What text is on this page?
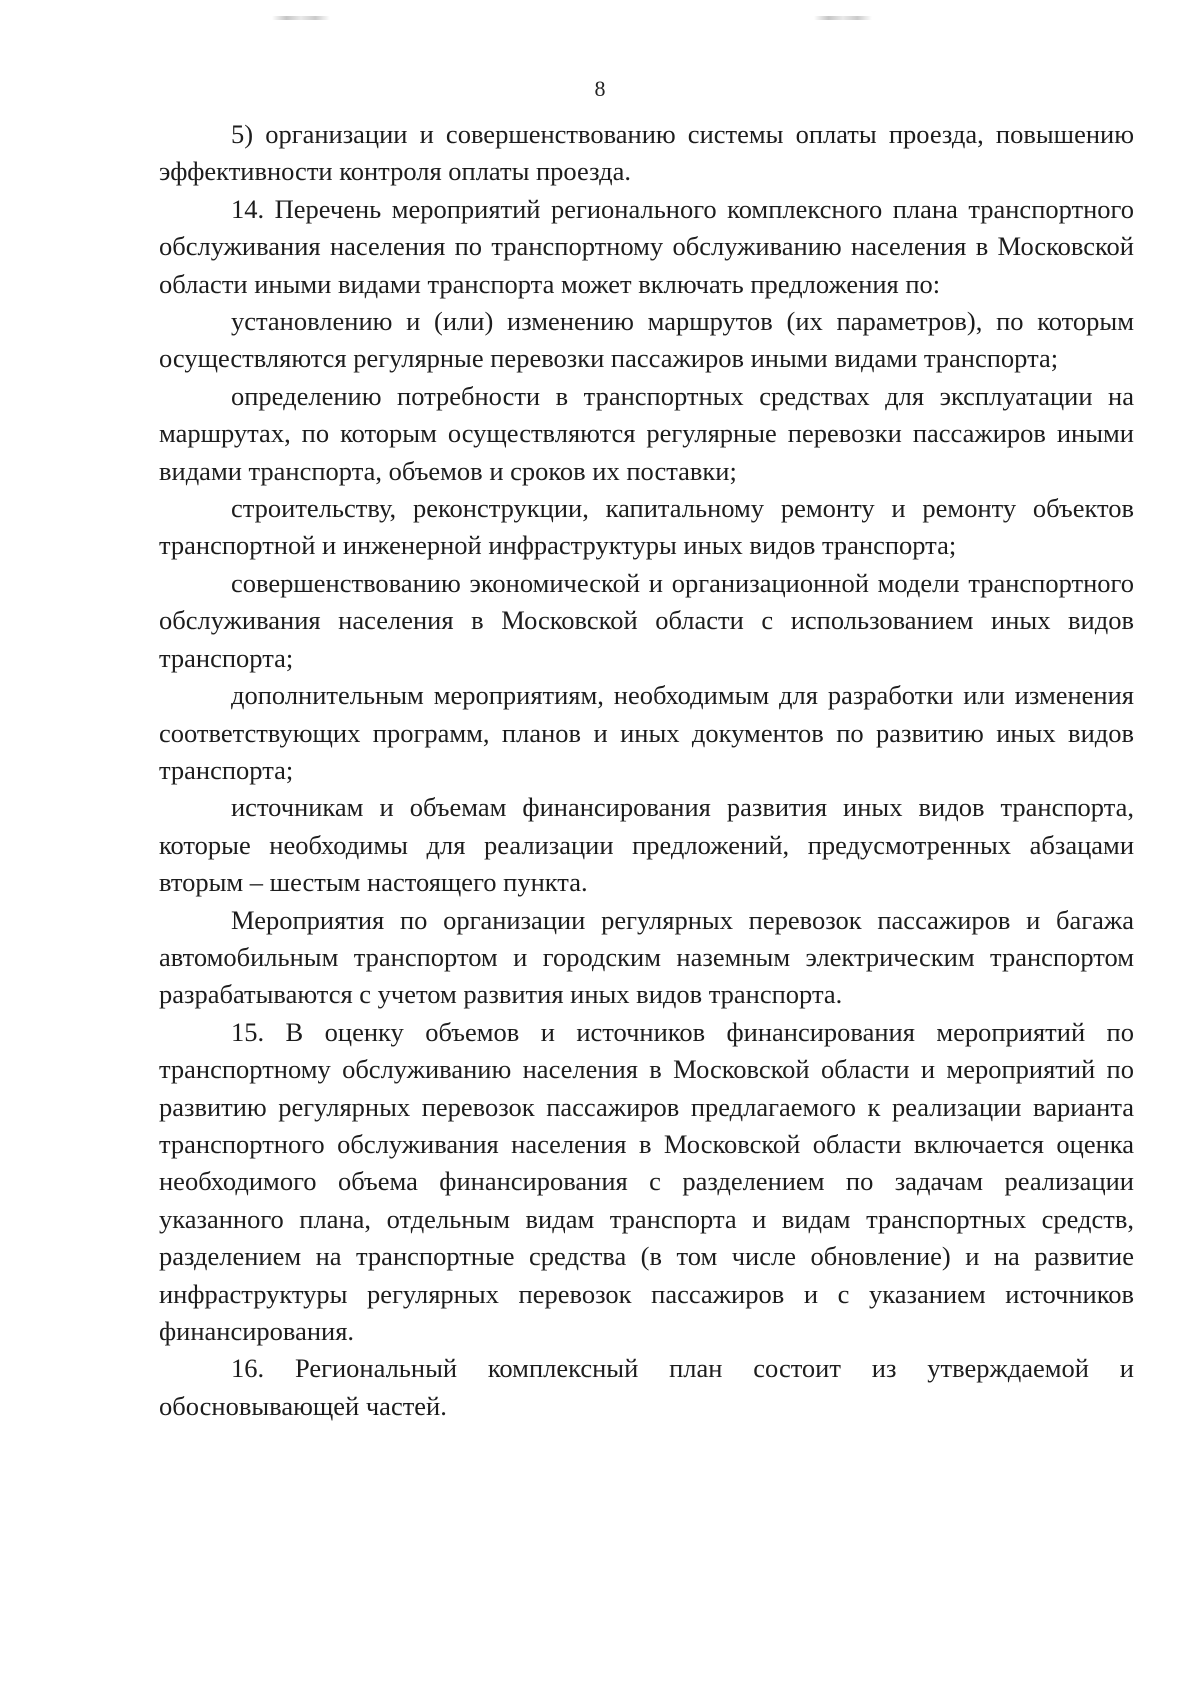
8

5) организации и совершенствованию системы оплаты проезда, повышению эффективности контроля оплаты проезда.

14. Перечень мероприятий регионального комплексного плана транспортного обслуживания населения по транспортному обслуживанию населения в Московской области иными видами транспорта может включать предложения по:

установлению и (или) изменению маршрутов (их параметров), по которым осуществляются регулярные перевозки пассажиров иными видами транспорта;

определению потребности в транспортных средствах для эксплуатации на маршрутах, по которым осуществляются регулярные перевозки пассажиров иными видами транспорта, объемов и сроков их поставки;

строительству, реконструкции, капитальному ремонту и ремонту объектов транспортной и инженерной инфраструктуры иных видов транспорта;

совершенствованию экономической и организационной модели транспортного обслуживания населения в Московской области с использованием иных видов транспорта;

дополнительным мероприятиям, необходимым для разработки или изменения соответствующих программ, планов и иных документов по развитию иных видов транспорта;

источникам и объемам финансирования развития иных видов транспорта, которые необходимы для реализации предложений, предусмотренных абзацами вторым – шестым настоящего пункта.

Мероприятия по организации регулярных перевозок пассажиров и багажа автомобильным транспортом и городским наземным электрическим транспортом разрабатываются с учетом развития иных видов транспорта.

15. В оценку объемов и источников финансирования мероприятий по транспортному обслуживанию населения в Московской области и мероприятий по развитию регулярных перевозок пассажиров предлагаемого к реализации варианта транспортного обслуживания населения в Московской области включается оценка необходимого объема финансирования с разделением по задачам реализации указанного плана, отдельным видам транспорта и видам транспортных средств, разделением на транспортные средства (в том числе обновление) и на развитие инфраструктуры регулярных перевозок пассажиров и с указанием источников финансирования.

16. Региональный комплексный план состоит из утверждаемой и обосновывающей частей.
